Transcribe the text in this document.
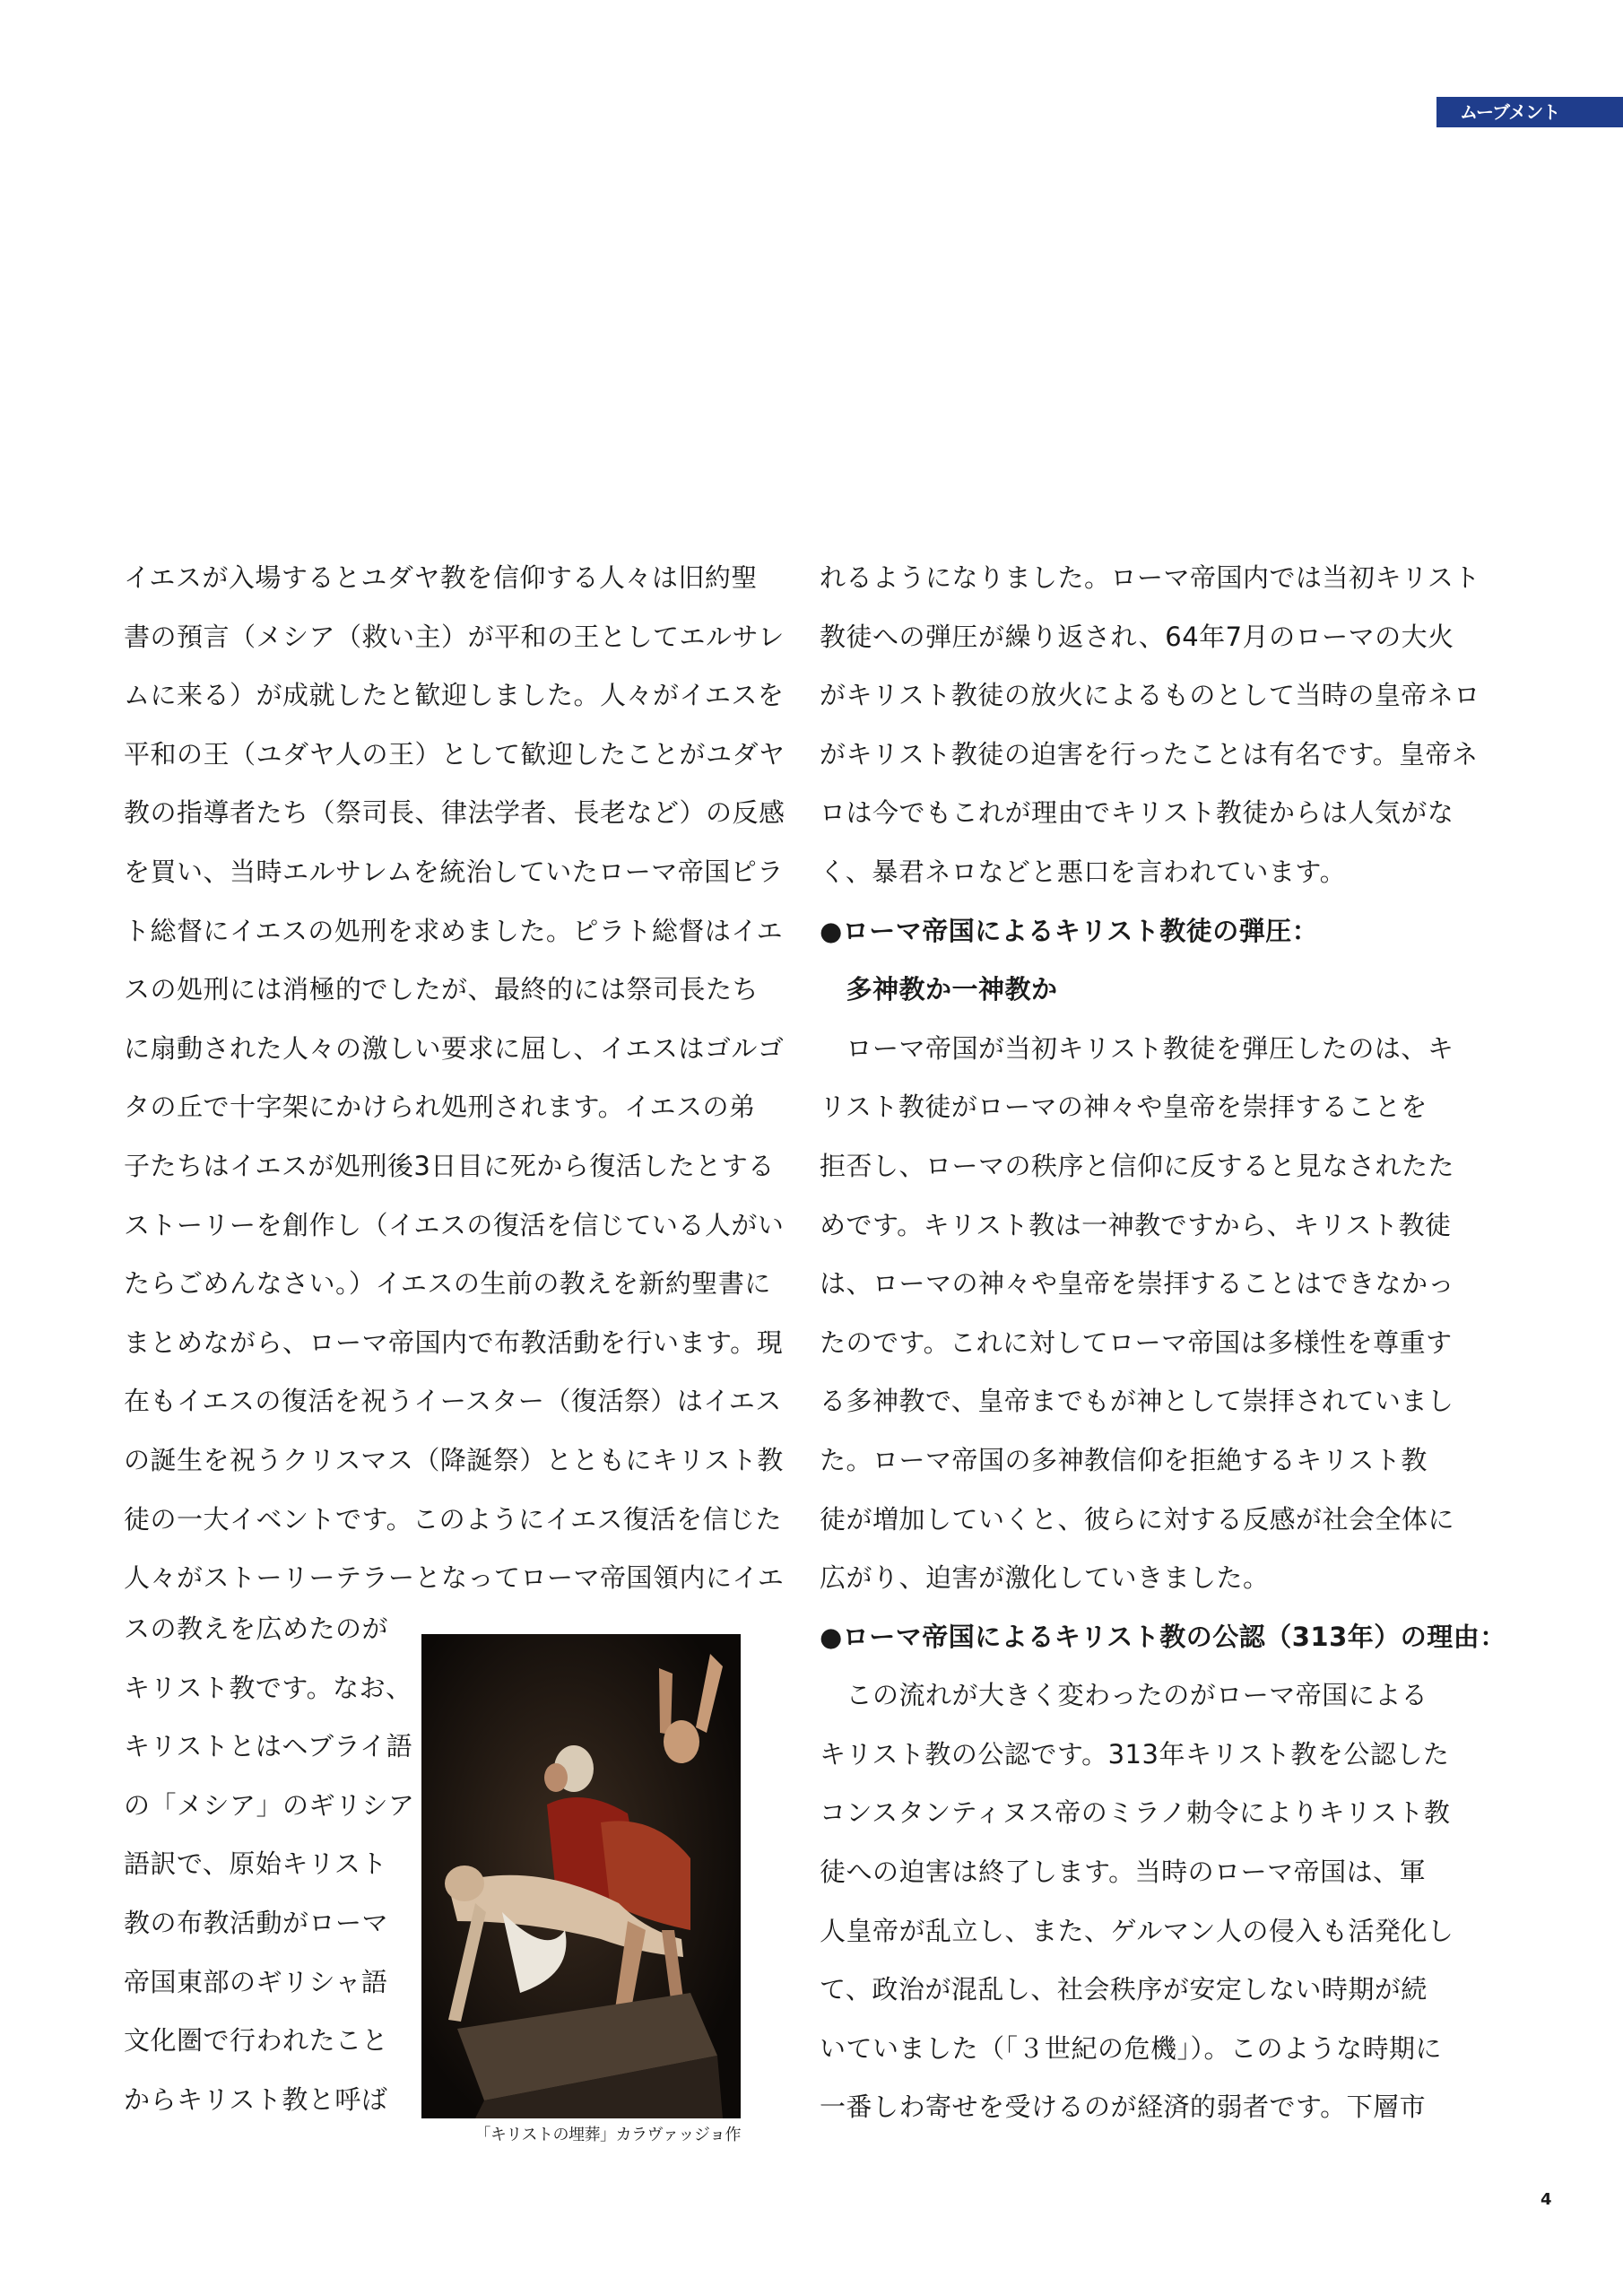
ムーブメント
イエスが入場するとユダヤ教を信仰する人々は旧約聖
書の預言（メシア（救い主）が平和の王としてエルサレ
ムに来る）が成就したと歓迎しました。人々がイエスを
平和の王（ユダヤ人の王）として歓迎したことがユダヤ
教の指導者たち（祭司長、律法学者、長老など）の反感
を買い、当時エルサレムを統治していたローマ帝国ピラ
ト総督にイエスの処刑を求めました。ピラト総督はイエ
スの処刑には消極的でしたが、最終的には祭司長たち
に扇動された人々の激しい要求に屈し、イエスはゴルゴ
タの丘で十字架にかけられ処刑されます。イエスの弟
子たちはイエスが処刑後3日目に死から復活したとする
ストーリーを創作し（イエスの復活を信じている人がい
たらごめんなさい。）イエスの生前の教えを新約聖書に
まとめながら、ローマ帝国内で布教活動を行います。現
在もイエスの復活を祝うイースター（復活祭）はイエス
の誕生を祝うクリスマス（降誕祭）とともにキリスト教
徒の一大イベントです。このようにイエス復活を信じた
人々がストーリーテラーとなってローマ帝国領内にイエ
スの教えを広めたのが
キリスト教です。なお、
キリストとはヘブライ語
の「メシア」のギリシア
語訳で、原始キリスト
教の布教活動がローマ
帝国東部のギリシャ語
文化圏で行われたこと
からキリスト教と呼ば
れるようになりました。ローマ帝国内では当初キリスト
教徒への弾圧が繰り返され、64年7月のローマの大火
がキリスト教徒の放火によるものとして当時の皇帝ネロ
がキリスト教徒の迫害を行ったことは有名です。皇帝ネ
ロは今でもこれが理由でキリスト教徒からは人気がな
く、暴君ネロなどと悪口を言われています。
●ローマ帝国によるキリスト教徒の弾圧：
　多神教か一神教か
　ローマ帝国が当初キリスト教徒を弾圧したのは、キ
リスト教徒がローマの神々や皇帝を崇拝することを
拒否し、ローマの秩序と信仰に反すると見なされたた
めです。キリスト教は一神教ですから、キリスト教徒
は、ローマの神々や皇帝を崇拝することはできなかっ
たのです。これに対してローマ帝国は多様性を尊重す
る多神教で、皇帝までもが神として崇拝されていまし
た。ローマ帝国の多神教信仰を拒絶するキリスト教
徒が増加していくと、彼らに対する反感が社会全体に
広がり、迫害が激化していきました。
●ローマ帝国によるキリスト教の公認（313年）の理由：
　この流れが大きく変わったのがローマ帝国による
キリスト教の公認です。313年キリスト教を公認した
コンスタンティヌス帝のミラノ勅令によりキリスト教
徒への迫害は終了します。当時のローマ帝国は、軍
人皇帝が乱立し、また、ゲルマン人の侵入も活発化し
て、政治が混乱し、社会秩序が安定しない時期が続
いていました（「３世紀の危機」）。このような時期に
一番しわ寄せを受けるのが経済的弱者です。下層市
「キリストの埋葬」カラヴァッジョ作
4
